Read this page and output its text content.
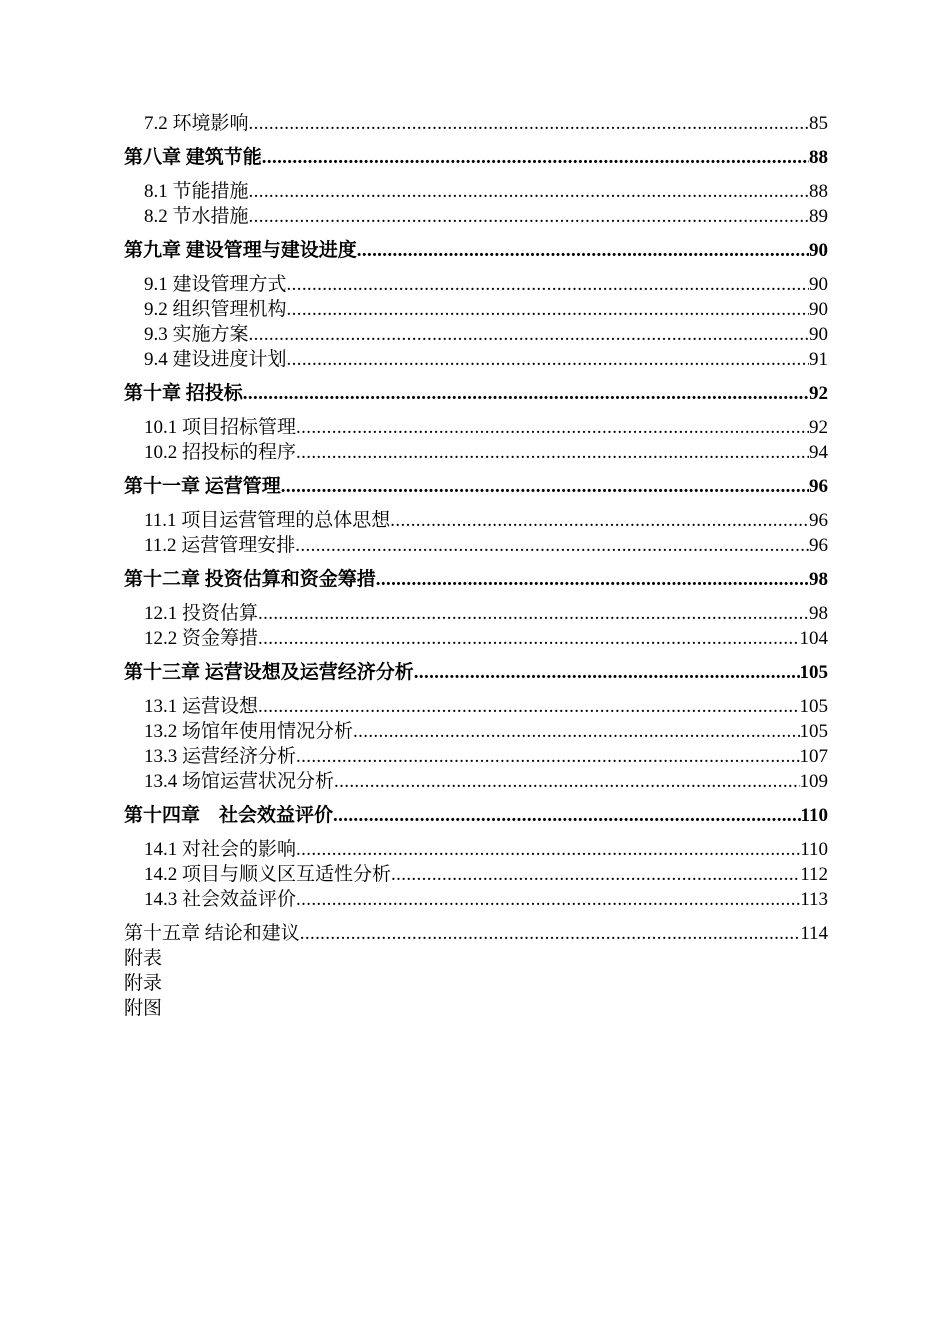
7.2 环境影响 . . .	85
第八章 建筑节能 . . .	88
8.1 节能措施 . . .	88
8.2 节水措施 . . .	89
第九章 建设管理与建设进度 . . .	90
9.1 建设管理方式 . . .	90
9.2 组织管理机构 . . .	90
9.3 实施方案 . . .	90
9.4 建设进度计划 . . .	91
第十章 招投标 . . .	92
10.1 项目招标管理 . . .	92
10.2 招投标的程序 . . .	94
第十一章 运营管理 . . .	96
11.1 项目运营管理的总体思想 . . .	96
11.2 运营管理安排 . . .	96
第十二章 投资估算和资金筹措 . . .	98
12.1 投资估算 . . .	98
12.2 资金筹措 . . .	104
第十三章 运营设想及运营经济分析 . . .	105
13.1 运营设想 . . .	105
13.2 场馆年使用情况分析 . . .	105
13.3 运营经济分析 . . .	107
13.4 场馆运营状况分析 . . .	109
第十四章    社会效益评价 . . .	110
14.1 对社会的影响 . . .	110
14.2 项目与顺义区互适性分析 . . .	112
14.3 社会效益评价 . . .	113
第十五章 结论和建议 . . .	114
附表
附录
附图
